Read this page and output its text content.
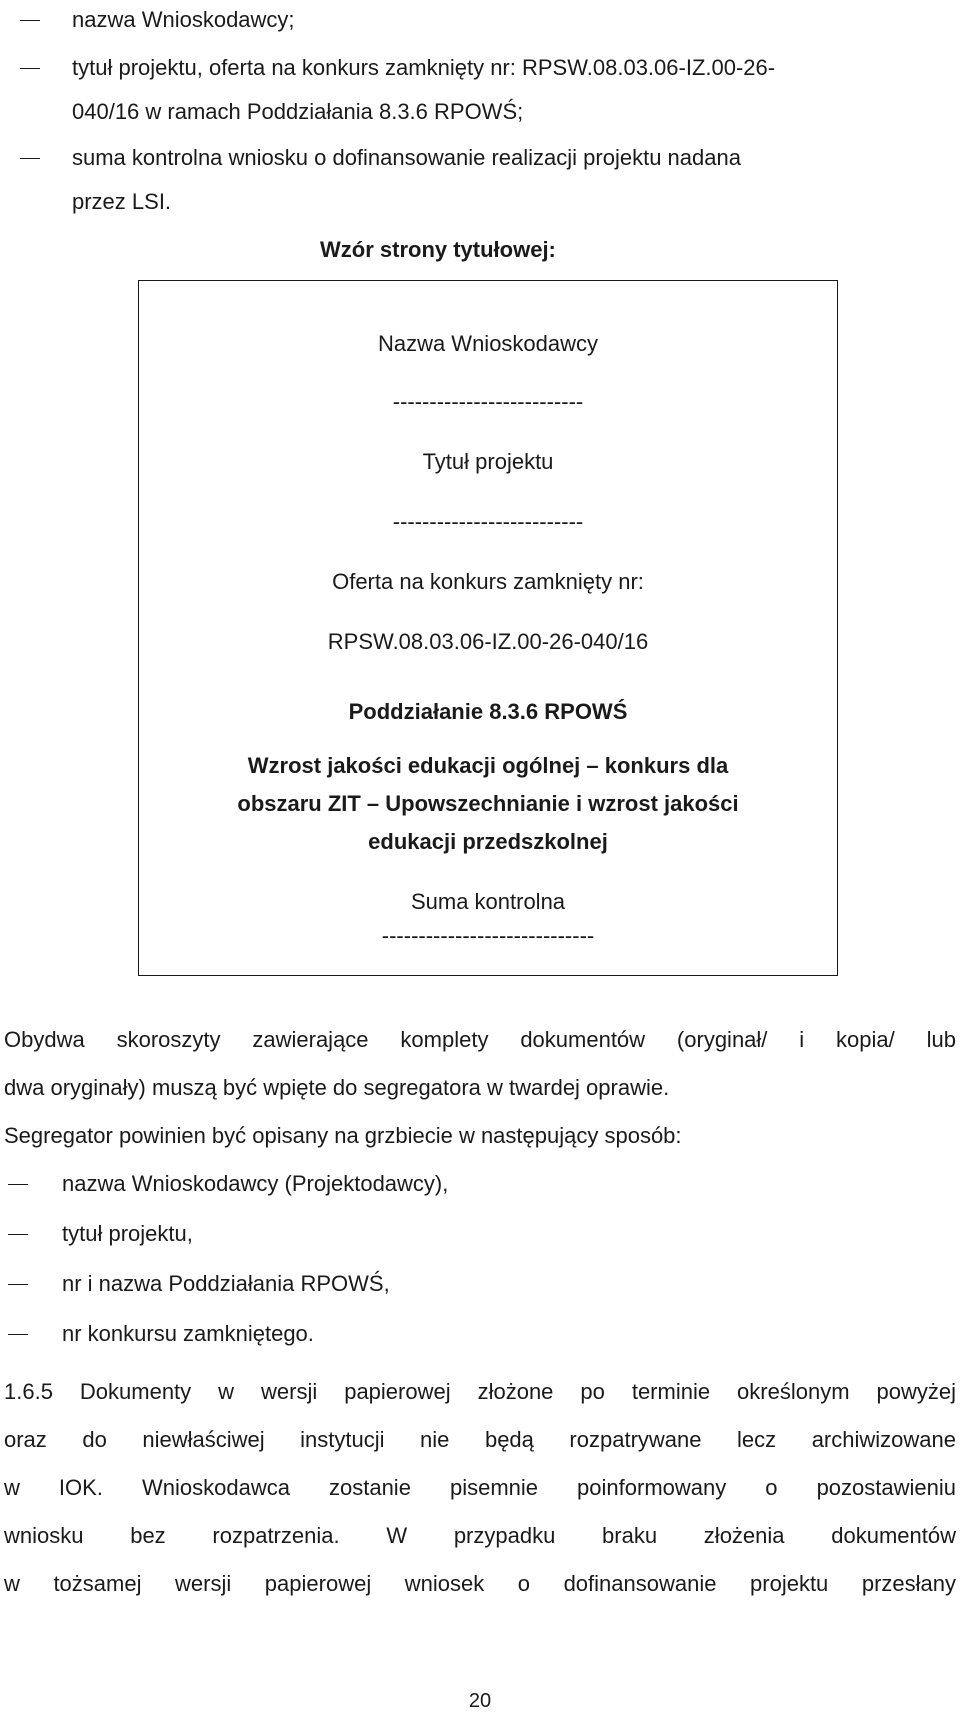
nazwa Wnioskodawcy;
tytuł projektu, oferta na konkurs zamknięty nr: RPSW.08.03.06-IZ.00-26-
040/16 w ramach Poddziałania 8.3.6 RPOWŚ;
suma kontrolna wniosku o dofinansowanie realizacji projektu nadana
przez LSI.
Wzór strony tytułowej:
Nazwa Wnioskodawcy
--------------------------
Tytuł projektu
--------------------------
Oferta na konkurs zamknięty nr:
RPSW.08.03.06-IZ.00-26-040/16
Poddziałanie 8.3.6 RPOWŚ
Wzrost jakości edukacji ogólnej – konkurs dla
obszaru ZIT – Upowszechnianie i wzrost jakości
edukacji przedszkolnej
Suma kontrolna
-----------------------------
Obydwa skoroszyty zawierające komplety dokumentów (oryginał/ i kopia/ lub
dwa oryginały) muszą być wpięte do segregatora w twardej oprawie.
Segregator powinien być opisany na grzbiecie w następujący sposób:
nazwa Wnioskodawcy (Projektodawcy),
tytuł projektu,
nr i nazwa Poddziałania RPOWŚ,
nr konkursu zamkniętego.
1.6.5 Dokumenty w wersji papierowej złożone po terminie określonym powyżej
oraz do niewłaściwej instytucji nie będą rozpatrywane lecz archiwizowane
w IOK. Wnioskodawca zostanie pisemnie poinformowany o pozostawieniu
wniosku bez rozpatrzenia. W przypadku braku złożenia dokumentów
w tożsamej wersji papierowej wniosek o dofinansowanie projektu przesłany
20
